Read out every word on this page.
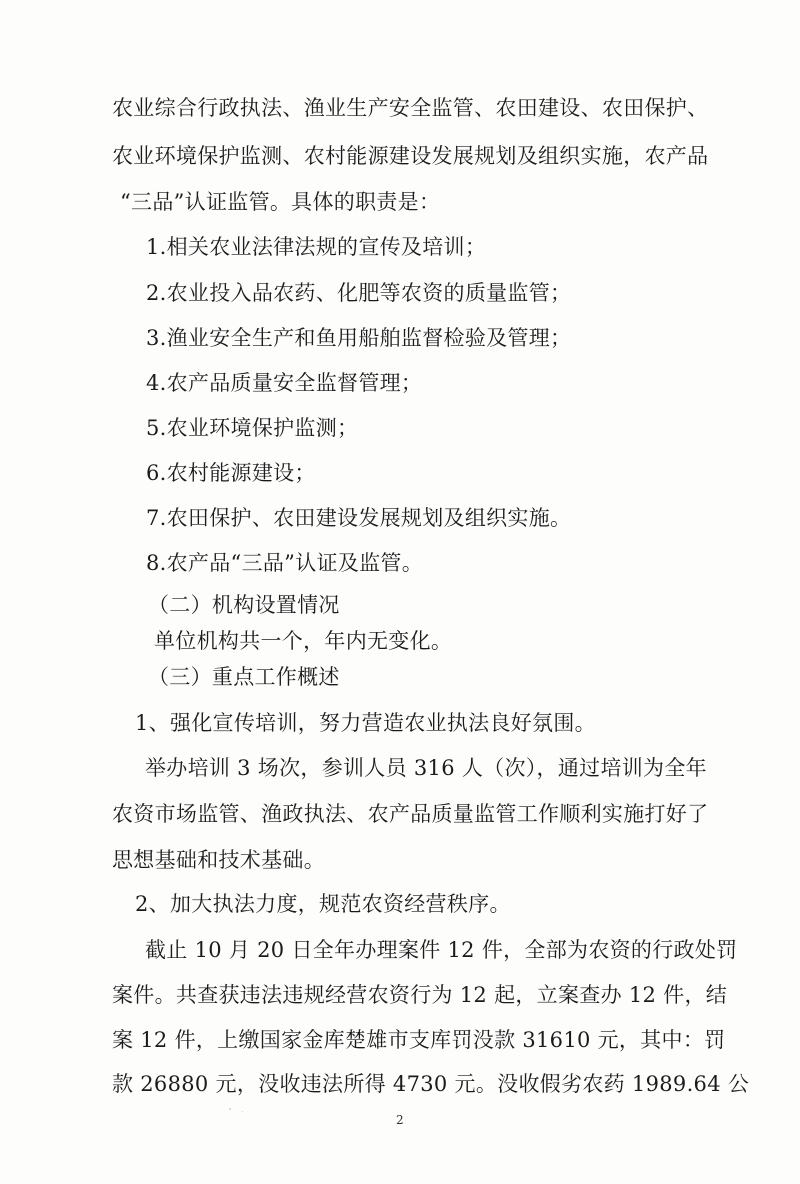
农业综合行政执法、渔业生产安全监管、农田建设、农田保护、
农业环境保护监测、农村能源建设发展规划及组织实施，农产品
“三品”认证监管。具体的职责是：
1.相关农业法律法规的宣传及培训；
2.农业投入品农药、化肥等农资的质量监管；
3.渔业安全生产和鱼用船舶监督检验及管理；
4.农产品质量安全监督管理；
5.农业环境保护监测；
6.农村能源建设；
7.农田保护、农田建设发展规划及组织实施。
8.农产品“三品”认证及监管。
（二）机构设置情况
单位机构共一个，年内无变化。
（三）重点工作概述
1、强化宣传培训，努力营造农业执法良好氛围。
举办培训 3 场次，参训人员 316 人（次），通过培训为全年
农资市场监管、渔政执法、农产品质量监管工作顺利实施打好了
思想基础和技术基础。
2、加大执法力度，规范农资经营秩序。
截止 10 月 20 日全年办理案件 12 件，全部为农资的行政处罚
案件。共查获违法违规经营农资行为 12 起，立案查办 12 件，结
案 12 件，上缴国家金库楚雄市支库罚没款 31610 元，其中：罚
款 26880 元，没收违法所得 4730 元。没收假劣农药 1989.64 公
2
